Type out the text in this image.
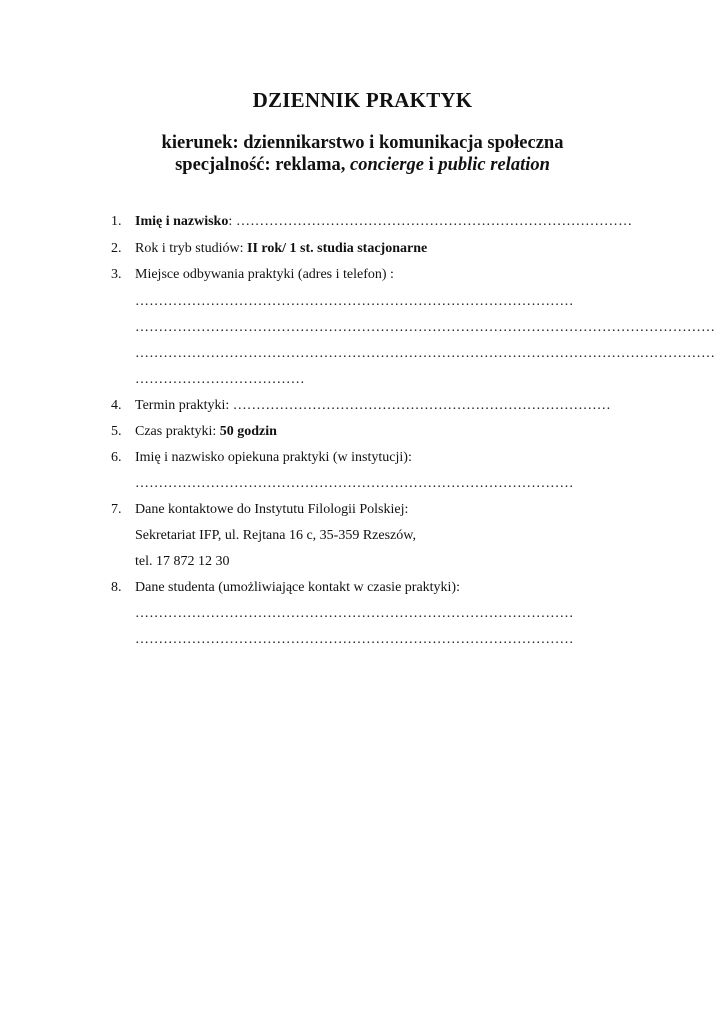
DZIENNIK PRAKTYK

kierunek: dziennikarstwo i komunikacja społeczna

specjalność: reklama, concierge i public relation

1. Imię i nazwisko: …………………………………………………………………………
2. Rok i tryb studiów: II rok/ 1 st. studia stacjonarne
3. Miejsce odbywania praktyki (adres i telefon) :
…………………………………………………………………………………
……………………………………………………………………………………………………………
……………………………………………………………………………………………………………
………………………………
4. Termin praktyki: ………………………………………………………………………
5. Czas praktyki: 50 godzin
6. Imię i nazwisko opiekuna praktyki (w instytucji):
…………………………………………………………………………………
7. Dane kontaktowe do Instytutu Filologii Polskiej:
Sekretariat IFP, ul. Rejtana 16 c, 35-359 Rzeszów,
tel. 17 872 12 30
8. Dane studenta (umożliwiające kontakt w czasie praktyki):
…………………………………………………………………………………
…………………………………………………………………………………
